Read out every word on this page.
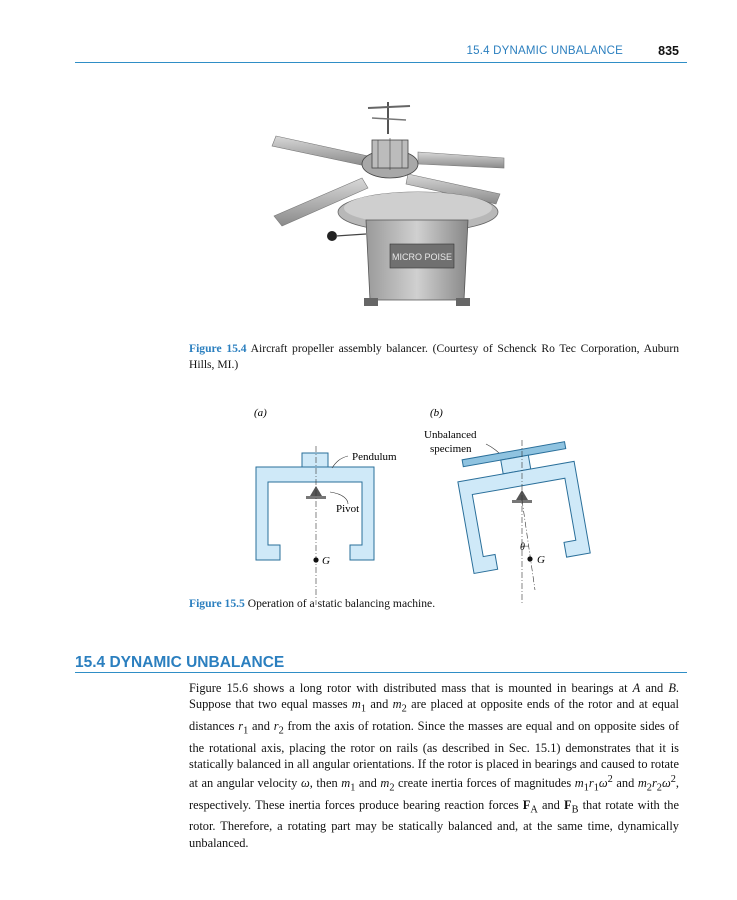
15.4 DYNAMIC UNBALANCE	835
MICRO POISE
Figure 15.4 Aircraft propeller assembly balancer. (Courtesy of Schenck Ro Tec Corporation, Auburn Hills, MI.)
(a)	(b)
G
Pendulum
Pivot
Unbalanced
specimen
θ
G
Figure 15.5 Operation of a static balancing machine.
15.4 DYNAMIC UNBALANCE
Figure 15.6 shows a long rotor with distributed mass that is mounted in bearings at A and B. Suppose that two equal masses $m_1$ and $m_2$ are placed at opposite ends of the rotor and at equal distances $r_1$ and $r_2$ from the axis of rotation. Since the masses are equal and on opposite sides of the rotational axis, placing the rotor on rails (as described in Sec. 15.1) demonstrates that it is statically balanced in all angular orientations. If the rotor is placed in bearings and caused to rotate at an angular velocity ω, then $m_1$ and $m_2$ create inertia forces of magnitudes $m_1r_1\omega^2$ and $m_2r_2\omega^2$, respectively. These inertia forces produce bearing reaction forces $F_A$ and $F_B$ that rotate with the rotor. Therefore, a rotating part may be statically balanced and, at the same time, dynamically unbalanced.
